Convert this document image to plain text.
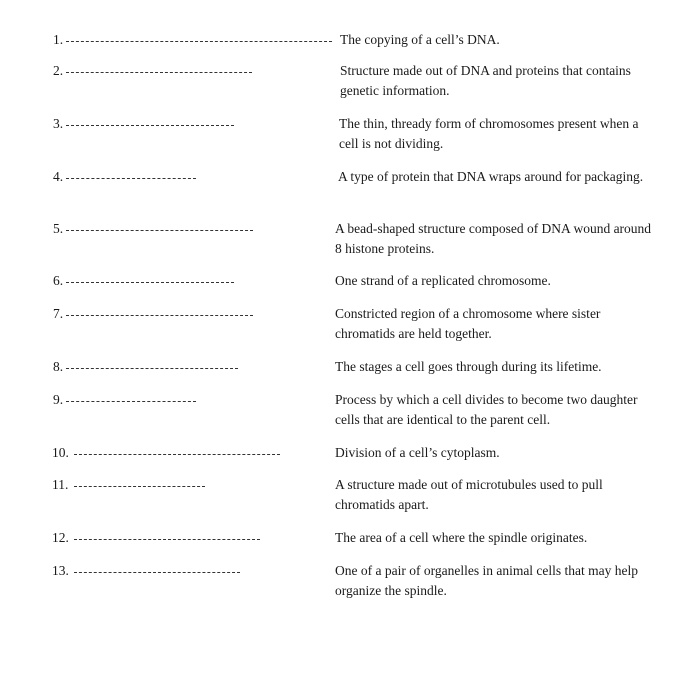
1.	The copying of a cell’s DNA.
2.	Structure made out of DNA and proteins that contains genetic information.
3.	The thin, thready form of chromosomes present when a cell is not dividing.
4.	A type of protein that DNA wraps around for packaging.
5.	A bead-shaped structure composed of DNA wound around 8 histone proteins.
6.	One strand of a replicated chromosome.
7.	Constricted region of a chromosome where sister chromatids are held together.
8.	The stages a cell goes through during its lifetime.
9.	Process by which a cell divides to become two daughter cells that are identical to the parent cell.
10.	Division of a cell’s cytoplasm.
11.	A structure made out of microtubules used to pull chromatids apart.
12.	The area of a cell where the spindle originates.
13.	One of a pair of organelles in animal cells that may help organize the spindle.
